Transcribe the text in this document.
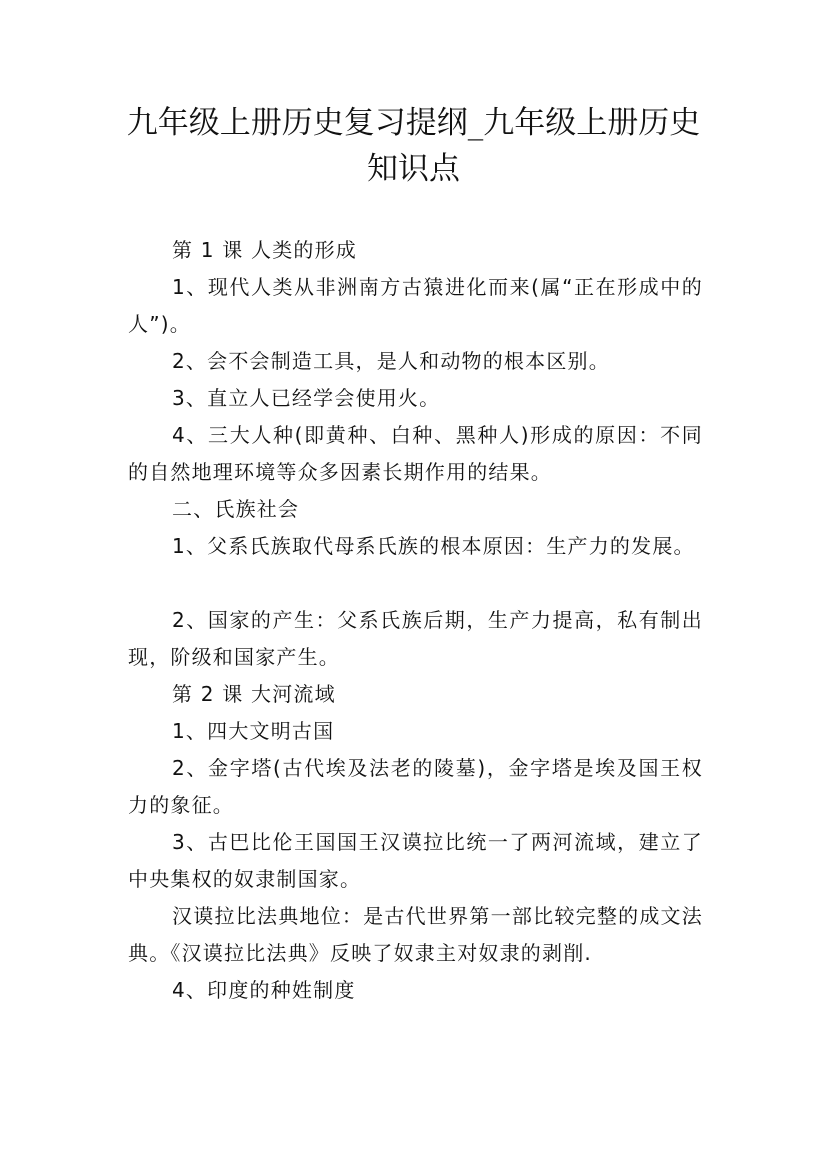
九年级上册历史复习提纲_九年级上册历史
知识点

第 1 课 人类的形成

1、现代人类从非洲南方古猿进化而来(属“正在形成中的人”)。

2、会不会制造工具，是人和动物的根本区别。

3、直立人已经学会使用火。

4、三大人种(即黄种、白种、黑种人)形成的原因：不同的自然地理环境等众多因素长期作用的结果。

二、氏族社会

1、父系氏族取代母系氏族的根本原因：生产力的发展。

2、国家的产生：父系氏族后期，生产力提高，私有制出现，阶级和国家产生。

第 2 课 大河流域

1、四大文明古国

2、金字塔(古代埃及法老的陵墓)，金字塔是埃及国王权力的象征。

3、古巴比伦王国国王汉谟拉比统一了两河流域，建立了中央集权的奴隶制国家。

汉谟拉比法典地位：是古代世界第一部比较完整的成文法典。《汉谟拉比法典》反映了奴隶主对奴隶的剥削.

4、印度的种姓制度
